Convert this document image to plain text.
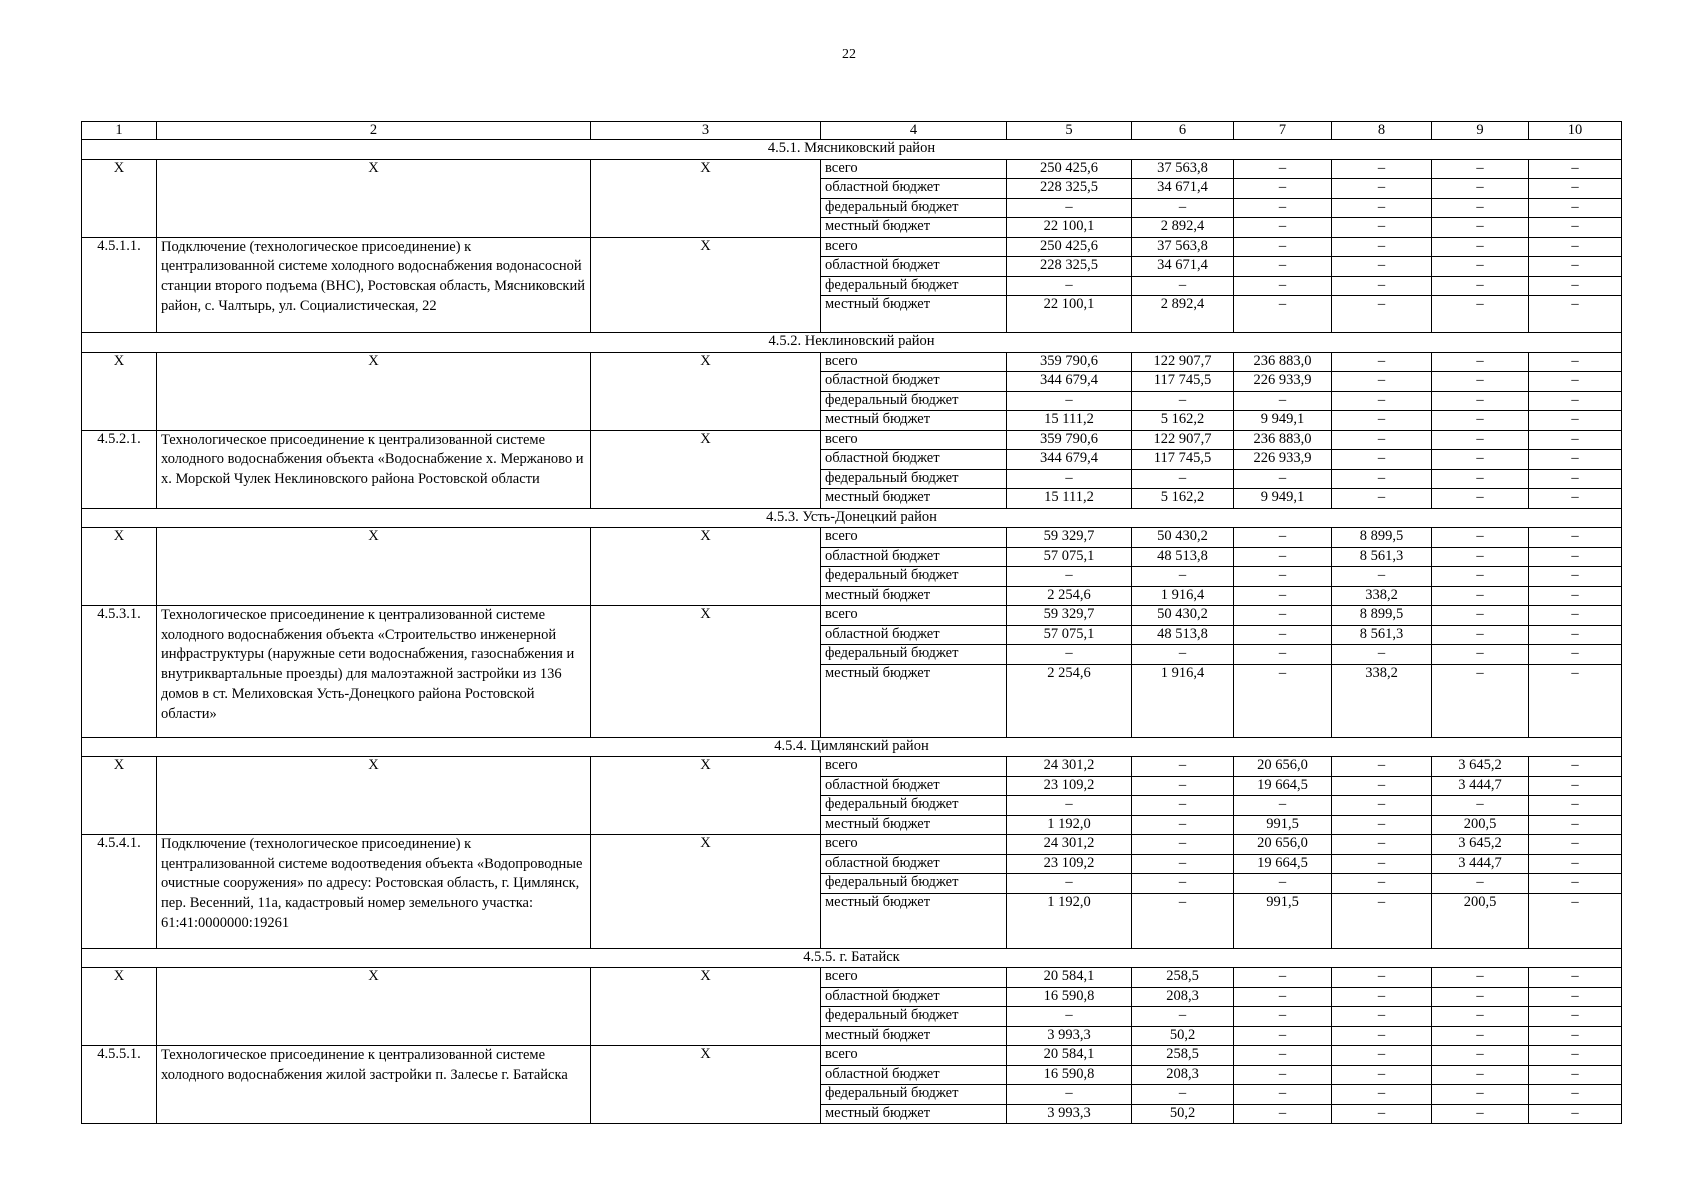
22
1	2	3	4	5	6	7	8	9	10
4.5.1. Мясниковский район									
Х	Х	Х	всего	250 425,6	37 563,8	–	–	–	–
			областной бюджет	228 325,5	34 671,4	–	–	–	–
			федеральный бюджет	–	–	–	–	–	–
			местный бюджет	22 100,1	2 892,4	–	–	–	–
4.5.1.1.	Подключение (технологическое присоединение) к централизованной системе холодного водоснабжения водонасосной станции второго подъема (ВНС), Ростовская область, Мясниковский район, с. Чалтырь, ул. Социалистическая, 22	Х	всего	250 425,6	37 563,8	–	–	–	–
			областной бюджет	228 325,5	34 671,4	–	–	–	–
			федеральный бюджет	–	–	–	–	–	–
			местный бюджет	22 100,1	2 892,4	–	–	–	–
4.5.2. Неклиновский район									
Х	Х	Х	всего	359 790,6	122 907,7	236 883,0	–	–	–
			областной бюджет	344 679,4	117 745,5	226 933,9	–	–	–
			федеральный бюджет	–	–	–	–	–	–
			местный бюджет	15 111,2	5 162,2	9 949,1	–	–	–
4.5.2.1.	Технологическое присоединение к централизованной системе холодного водоснабжения объекта «Водоснабжение х. Мержаново и х. Морской Чулек Неклиновского района Ростовской области	Х	всего	359 790,6	122 907,7	236 883,0	–	–	–
			областной бюджет	344 679,4	117 745,5	226 933,9	–	–	–
			федеральный бюджет	–	–	–	–	–	–
			местный бюджет	15 111,2	5 162,2	9 949,1	–	–	–
4.5.3. Усть-Донецкий район									
Х	Х	Х	всего	59 329,7	50 430,2	–	8 899,5	–	–
			областной бюджет	57 075,1	48 513,8	–	8 561,3	–	–
			федеральный бюджет	–	–	–	–	–	–
			местный бюджет	2 254,6	1 916,4	–	338,2	–	–
4.5.3.1.	Технологическое присоединение к централизованной системе холодного водоснабжения объекта «Строительство инженерной инфраструктуры (наружные сети водоснабжения, газоснабжения и внутриквартальные проезды) для малоэтажной застройки из 136 домов в ст. Мелиховская Усть-Донецкого района Ростовской области»	Х	всего	59 329,7	50 430,2	–	8 899,5	–	–
			областной бюджет	57 075,1	48 513,8	–	8 561,3	–	–
			федеральный бюджет	–	–	–	–	–	–
			местный бюджет	2 254,6	1 916,4	–	338,2	–	–
4.5.4. Цимлянский район									
Х	Х	Х	всего	24 301,2	–	20 656,0	–	3 645,2	–
			областной бюджет	23 109,2	–	19 664,5	–	3 444,7	–
			федеральный бюджет	–	–	–	–	–	–
			местный бюджет	1 192,0	–	991,5	–	200,5	–
4.5.4.1.	Подключение (технологическое присоединение) к централизованной системе водоотведения объекта «Водопроводные очистные сооружения» по адресу: Ростовская область, г. Цимлянск, пер. Весенний, 11а, кадастровый номер земельного участка: 61:41:0000000:19261	Х	всего	24 301,2	–	20 656,0	–	3 645,2	–
			областной бюджет	23 109,2	–	19 664,5	–	3 444,7	–
			федеральный бюджет	–	–	–	–	–	–
			местный бюджет	1 192,0	–	991,5	–	200,5	–
4.5.5. г. Батайск									
Х	Х	Х	всего	20 584,1	258,5	–	–	–	–
			областной бюджет	16 590,8	208,3	–	–	–	–
			федеральный бюджет	–	–	–	–	–	–
			местный бюджет	3 993,3	50,2	–	–	–	–
4.5.5.1.	Технологическое присоединение к централизованной системе холодного водоснабжения жилой застройки п. Залесье г. Батайска	Х	всего	20 584,1	258,5	–	–	–	–
			областной бюджет	16 590,8	208,3	–	–	–	–
			федеральный бюджет	–	–	–	–	–	–
			местный бюджет	3 993,3	50,2	–	–	–	–
